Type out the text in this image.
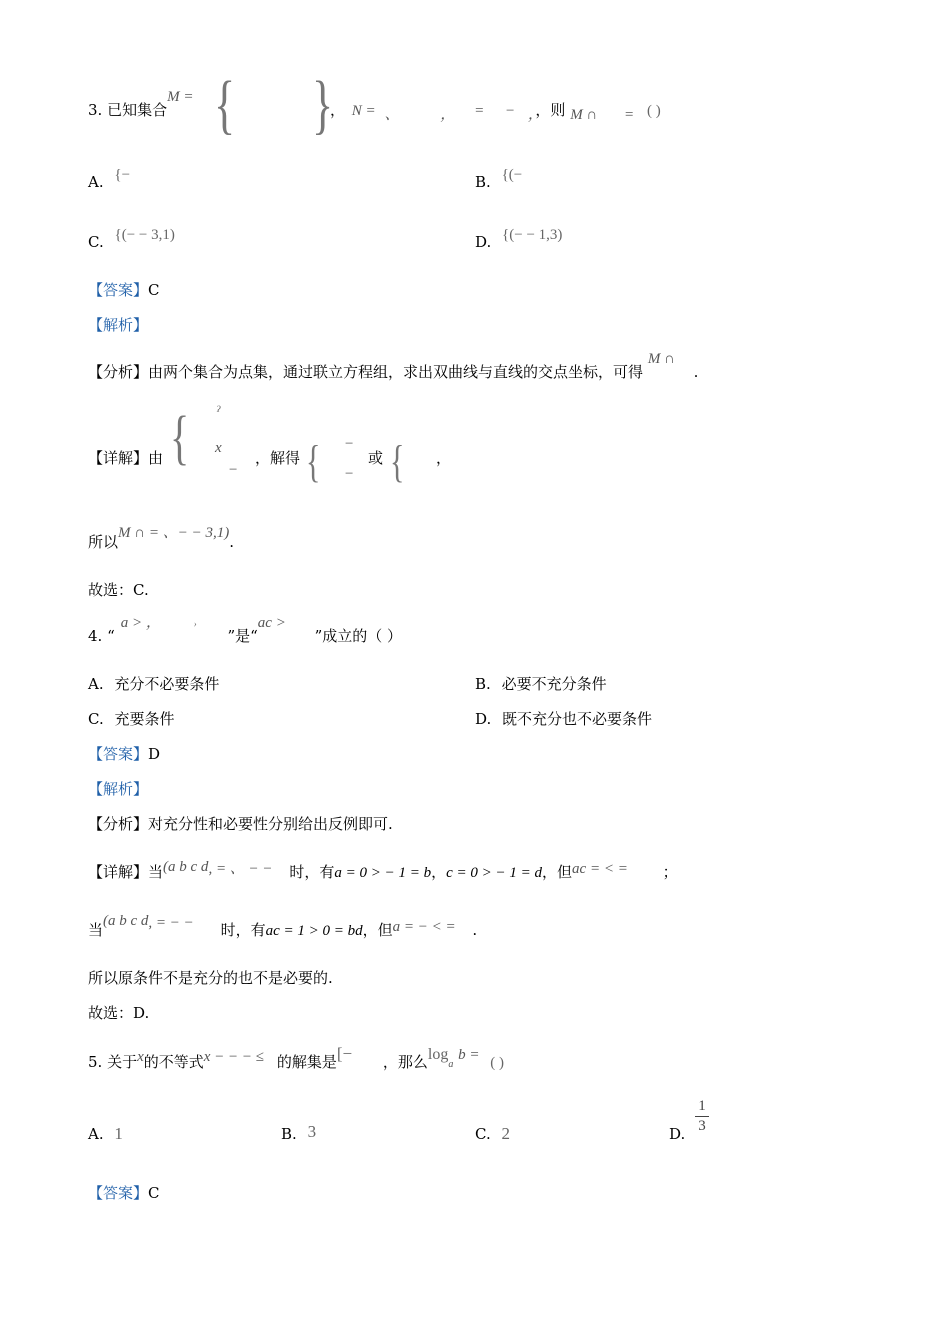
3. 已知集合M = { }
， N = 、	， = − ，，则 M ∩ = ( )
A. {−	B. {(−
C. {(− − 3,1)	D. {(− − 1,3)
【答案】C
【解析】
【分析】由两个集合为点集，通过联立方程组，求出双曲线与直线的交点坐标，可得 M ∩ .
{ ˀ
x
−
【详解】由	，解得 { −
−
或 { ，
所以M ∩ = 、− − 3,1).
故选：C.
4. “a > ，	› ”是“ac > ”成立的（ ）
A. 充分不必要条件	B. 必要不充分条件
C. 充要条件	D. 既不充分也不必要条件
【答案】D
【解析】
【分析】对充分性和必要性分别给出反例即可.
【详解】当(a b c d, = 、 − − 时，有a = 0 > − 1 = b，c = 0 > − 1 = d，但ac = < = ；
当(a b c d, = − − 时，有ac = 1 > 0 = bd，但a = − < = .
所以原条件不是充分的也不是必要的.
故选：D.
5. 关于x的不等式x − − − ≤ 的解集是[− ，那么loga b = ( )
A. 1	B. 3	C. 2	D.
1
3
【答案】C
